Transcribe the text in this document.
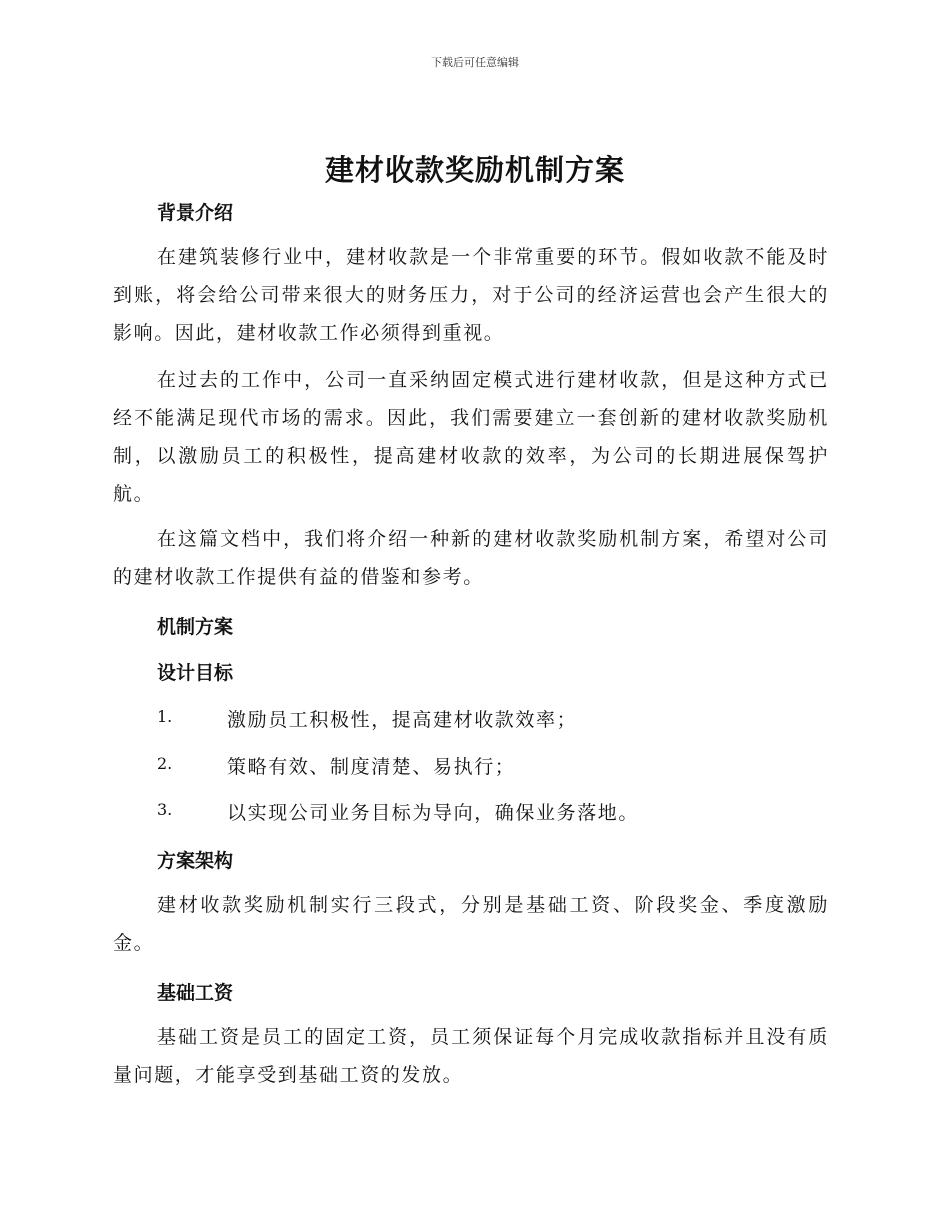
下载后可任意编辑
建材收款奖励机制方案
背景介绍
在建筑装修行业中，建材收款是一个非常重要的环节。假如收款不能及时到账，将会给公司带来很大的财务压力，对于公司的经济运营也会产生很大的影响。因此，建材收款工作必须得到重视。
在过去的工作中，公司一直采纳固定模式进行建材收款，但是这种方式已经不能满足现代市场的需求。因此，我们需要建立一套创新的建材收款奖励机制，以激励员工的积极性，提高建材收款的效率，为公司的长期进展保驾护航。
在这篇文档中，我们将介绍一种新的建材收款奖励机制方案，希望对公司的建材收款工作提供有益的借鉴和参考。
机制方案
设计目标
1.	激励员工积极性，提高建材收款效率；
2.	策略有效、制度清楚、易执行；
3.	以实现公司业务目标为导向，确保业务落地。
方案架构
建材收款奖励机制实行三段式，分别是基础工资、阶段奖金、季度激励金。
基础工资
基础工资是员工的固定工资，员工须保证每个月完成收款指标并且没有质量问题，才能享受到基础工资的发放。
